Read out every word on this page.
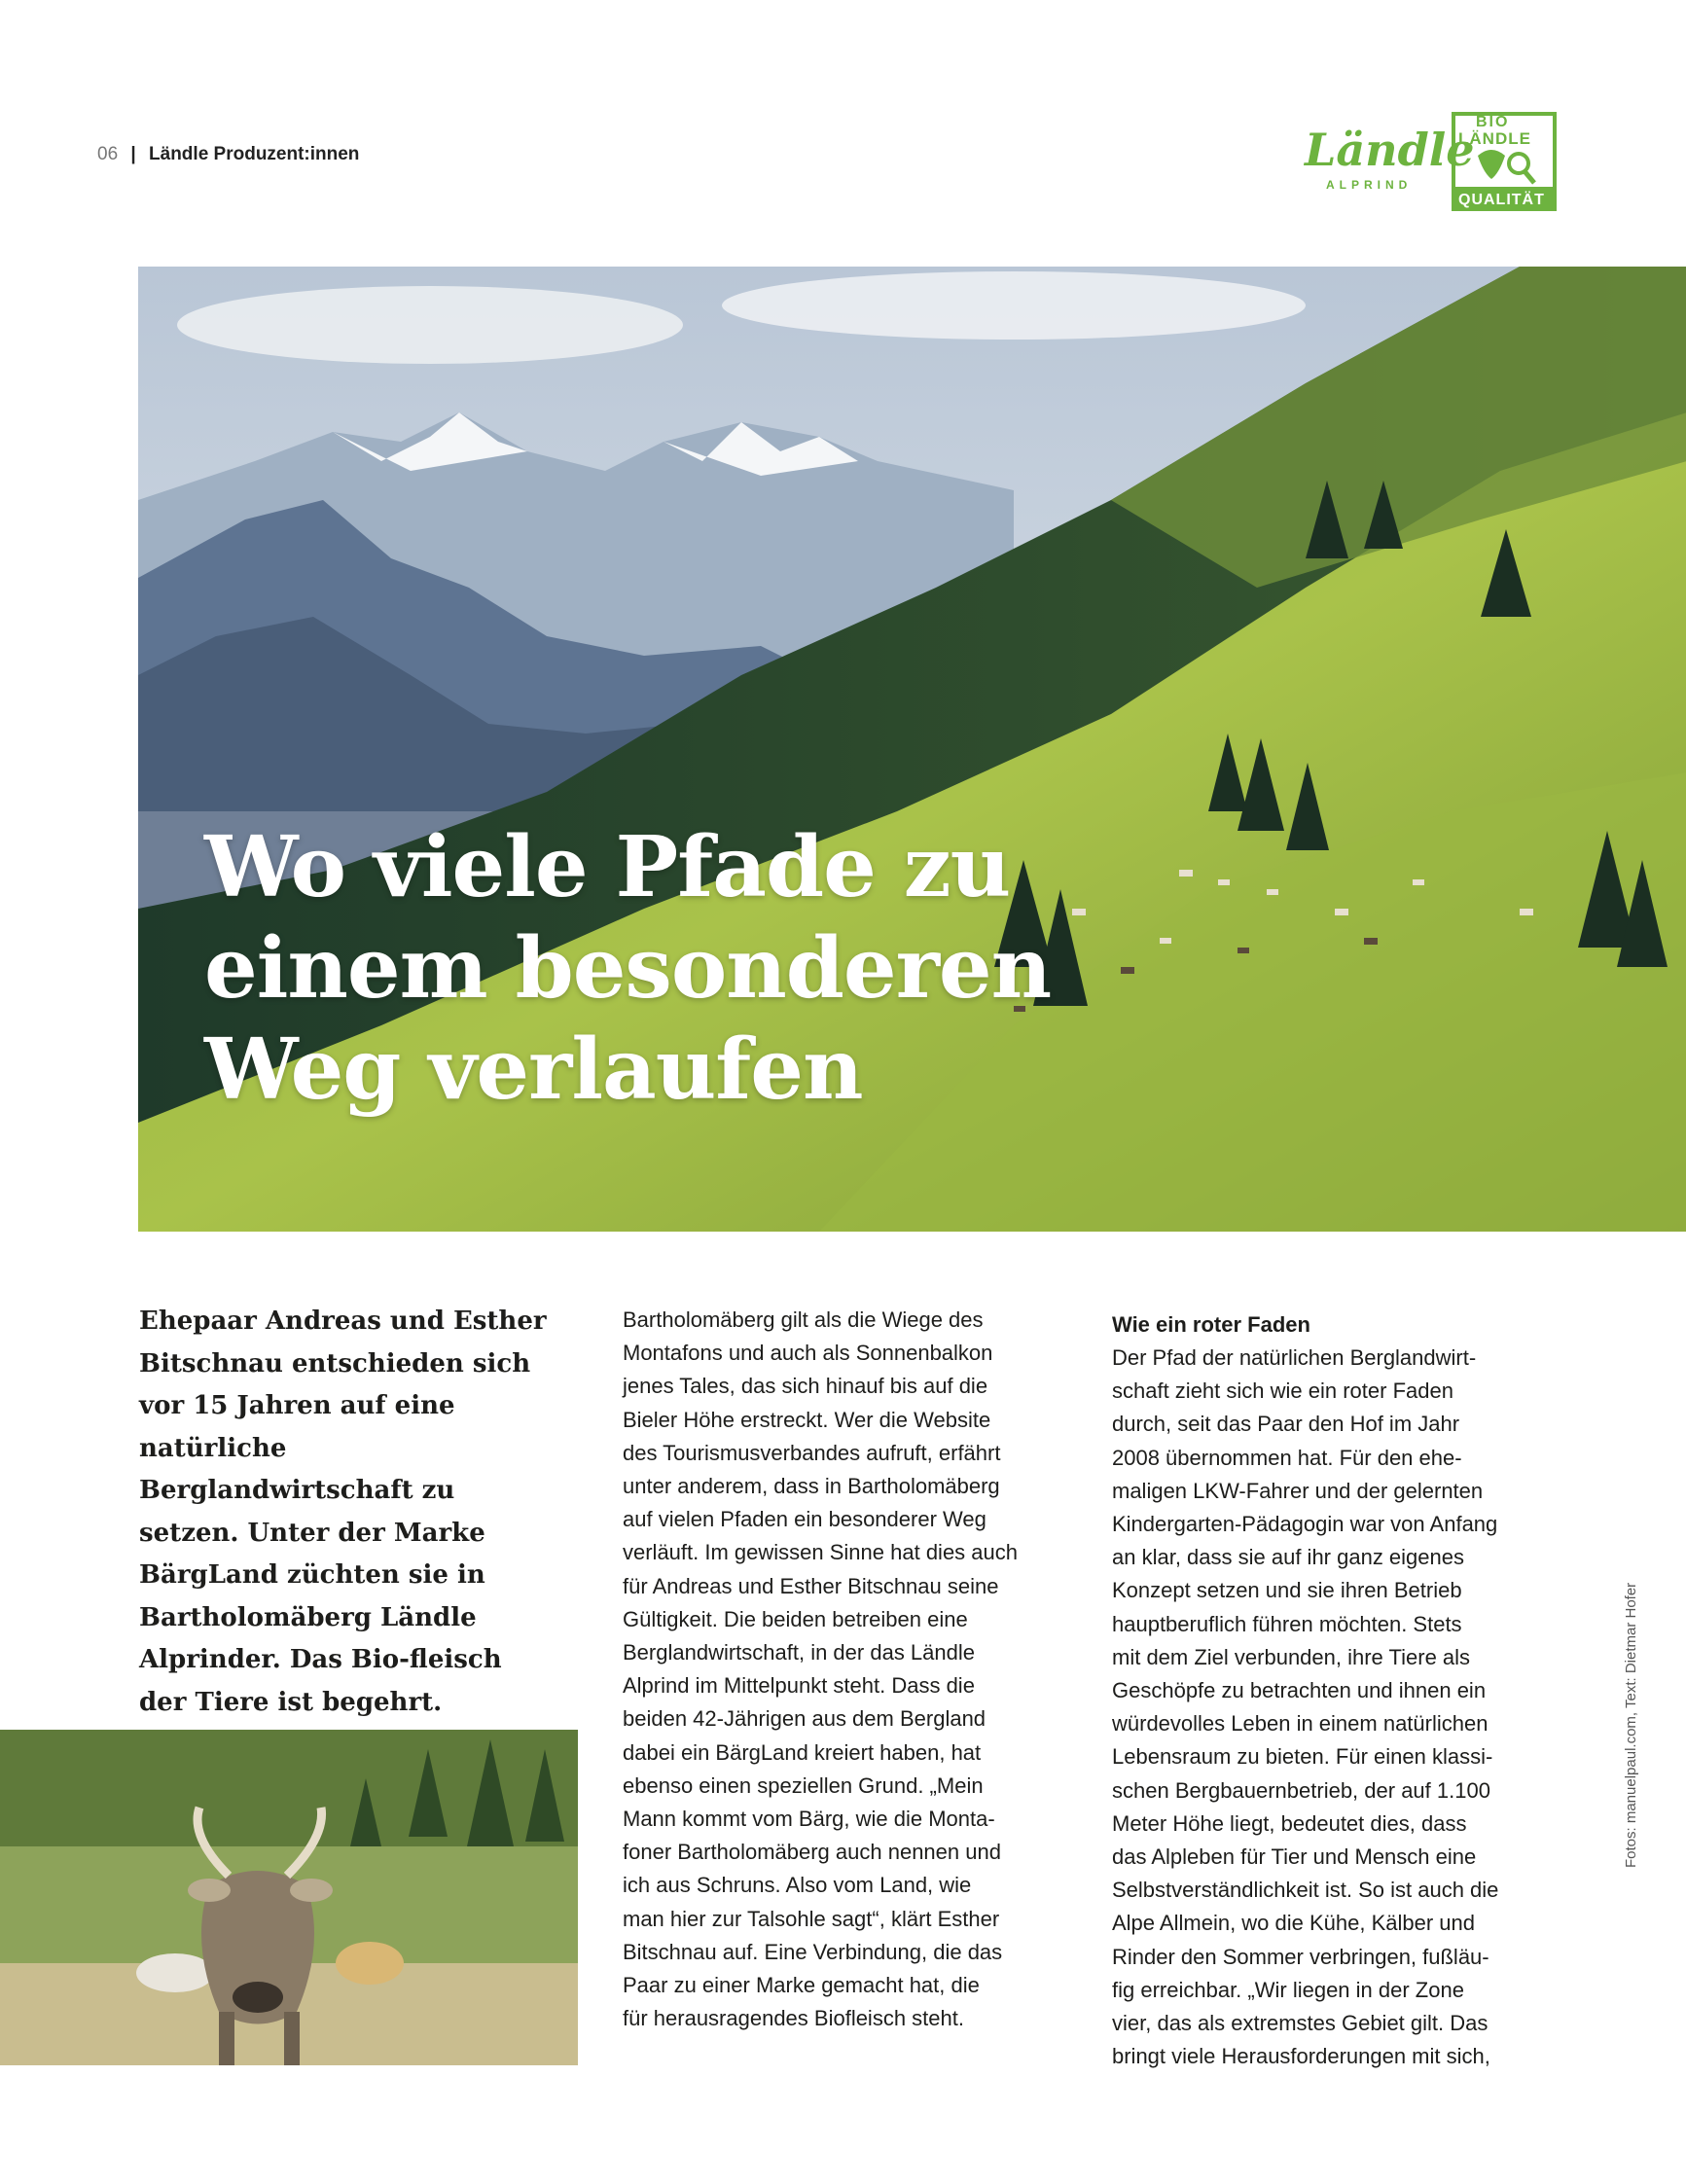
06 | Ländle Produzent:innen	Ländle
ALPRIND
BIO
LÄNDLE
QUALITÄT
Wo viele Pfade zu
einem besonderen
Weg verlaufen

Ehepaar Andreas und Esther Bitschnau entschieden sich vor 15 Jahren auf eine natürliche Berglandwirtschaft zu setzen. Unter der Marke BärgLand züchten sie in Bartholomäberg Ländle Alprinder. Das Bio-fleisch der Tiere ist begehrt.

Bartholomäberg gilt als die Wiege des
Montafons und auch als Sonnenbalkon
jenes Tales, das sich hinauf bis auf die
Bieler Höhe erstreckt. Wer die Website
des Tourismusverbandes aufruft, erfährt
unter anderem, dass in Bartholomäberg
auf vielen Pfaden ein besonderer Weg
verläuft. Im gewissen Sinne hat dies auch
für Andreas und Esther Bitschnau seine
Gültigkeit. Die beiden betreiben eine
Berglandwirtschaft, in der das Ländle
Alprind im Mittelpunkt steht. Dass die
beiden 42-Jährigen aus dem Bergland
dabei ein BärgLand kreiert haben, hat
ebenso einen speziellen Grund. „Mein
Mann kommt vom Bärg, wie die Monta-
foner Bartholomäberg auch nennen und
ich aus Schruns. Also vom Land, wie
man hier zur Talsohle sagt“, klärt Esther
Bitschnau auf. Eine Verbindung, die das
Paar zu einer Marke gemacht hat, die
für herausragendes Biofleisch steht.

Wie ein roter Faden

Der Pfad der natürlichen Berglandwirt-
schaft zieht sich wie ein roter Faden
durch, seit das Paar den Hof im Jahr
2008 übernommen hat. Für den ehe-
maligen LKW-Fahrer und der gelernten
Kindergarten-Pädagogin war von Anfang
an klar, dass sie auf ihr ganz eigenes
Konzept setzen und sie ihren Betrieb
hauptberuflich führen möchten. Stets
mit dem Ziel verbunden, ihre Tiere als
Geschöpfe zu betrachten und ihnen ein
würdevolles Leben in einem natürlichen
Lebensraum zu bieten. Für einen klassi-
schen Bergbauernbetrieb, der auf 1.100
Meter Höhe liegt, bedeutet dies, dass
das Alpleben für Tier und Mensch eine
Selbstverständlichkeit ist. So ist auch die
Alpe Allmein, wo die Kühe, Kälber und
Rinder den Sommer verbringen, fußläu-
fig erreichbar. „Wir liegen in der Zone
vier, das als extremstes Gebiet gilt. Das
bringt viele Herausforderungen mit sich,

Fotos: manuelpaul.com, Text: Dietmar Hofer
